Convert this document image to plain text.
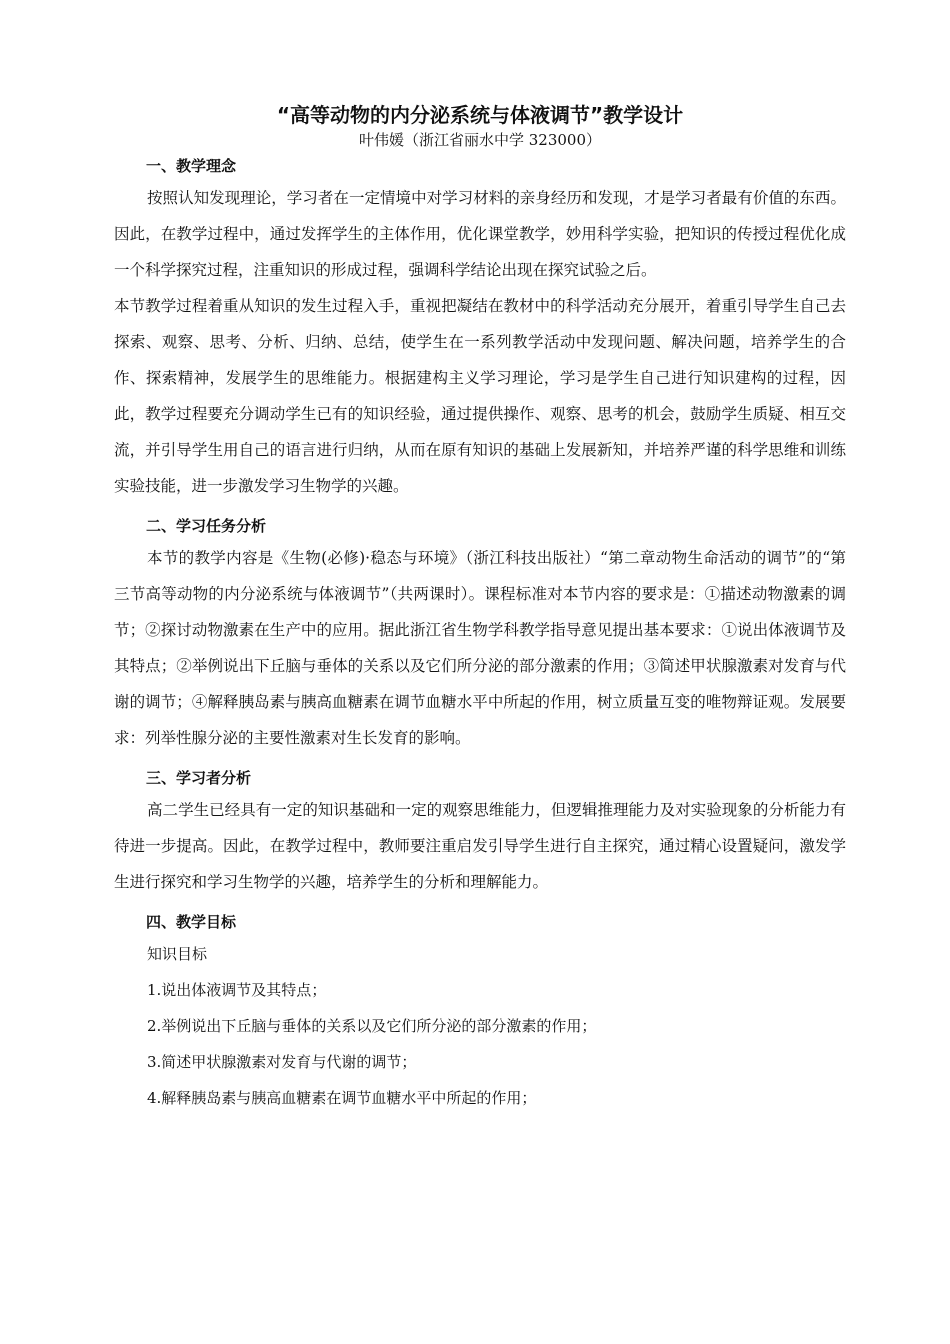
“高等动物的内分泌系统与体液调节”教学设计
叶伟媛（浙江省丽水中学 323000）
一、教学理念

按照认知发现理论，学习者在一定情境中对学习材料的亲身经历和发现，才是学习者最有价值的东西。因此，在教学过程中，通过发挥学生的主体作用，优化课堂教学，妙用科学实验，把知识的传授过程优化成一个科学探究过程，注重知识的形成过程，强调科学结论出现在探究试验之后。

本节教学过程着重从知识的发生过程入手，重视把凝结在教材中的科学活动充分展开，着重引导学生自己去探索、观察、思考、分析、归纳、总结，使学生在一系列教学活动中发现问题、解决问题，培养学生的合作、探索精神，发展学生的思维能力。根据建构主义学习理论，学习是学生自己进行知识建构的过程，因此，教学过程要充分调动学生已有的知识经验，通过提供操作、观察、思考的机会，鼓励学生质疑、相互交流，并引导学生用自己的语言进行归纳，从而在原有知识的基础上发展新知，并培养严谨的科学思维和训练实验技能，进一步激发学习生物学的兴趣。

二、学习任务分析

本节的教学内容是《生物(必修)·稳态与环境》（浙江科技出版社）“第二章动物生命活动的调节”的“第三节高等动物的内分泌系统与体液调节”（共两课时）。课程标准对本节内容的要求是：①描述动物激素的调节；②探讨动物激素在生产中的应用。据此浙江省生物学科教学指导意见提出基本要求：①说出体液调节及其特点；②举例说出下丘脑与垂体的关系以及它们所分泌的部分激素的作用；③简述甲状腺激素对发育与代谢的调节；④解释胰岛素与胰高血糖素在调节血糖水平中所起的作用，树立质量互变的唯物辩证观。发展要求：列举性腺分泌的主要性激素对生长发育的影响。

三、学习者分析

高二学生已经具有一定的知识基础和一定的观察思维能力，但逻辑推理能力及对实验现象的分析能力有待进一步提高。因此，在教学过程中，教师要注重启发引导学生进行自主探究，通过精心设置疑问，激发学生进行探究和学习生物学的兴趣，培养学生的分析和理解能力。

四、教学目标
知识目标
1.说出体液调节及其特点；
2.举例说出下丘脑与垂体的关系以及它们所分泌的部分激素的作用；
3.简述甲状腺激素对发育与代谢的调节；
4.解释胰岛素与胰高血糖素在调节血糖水平中所起的作用；
